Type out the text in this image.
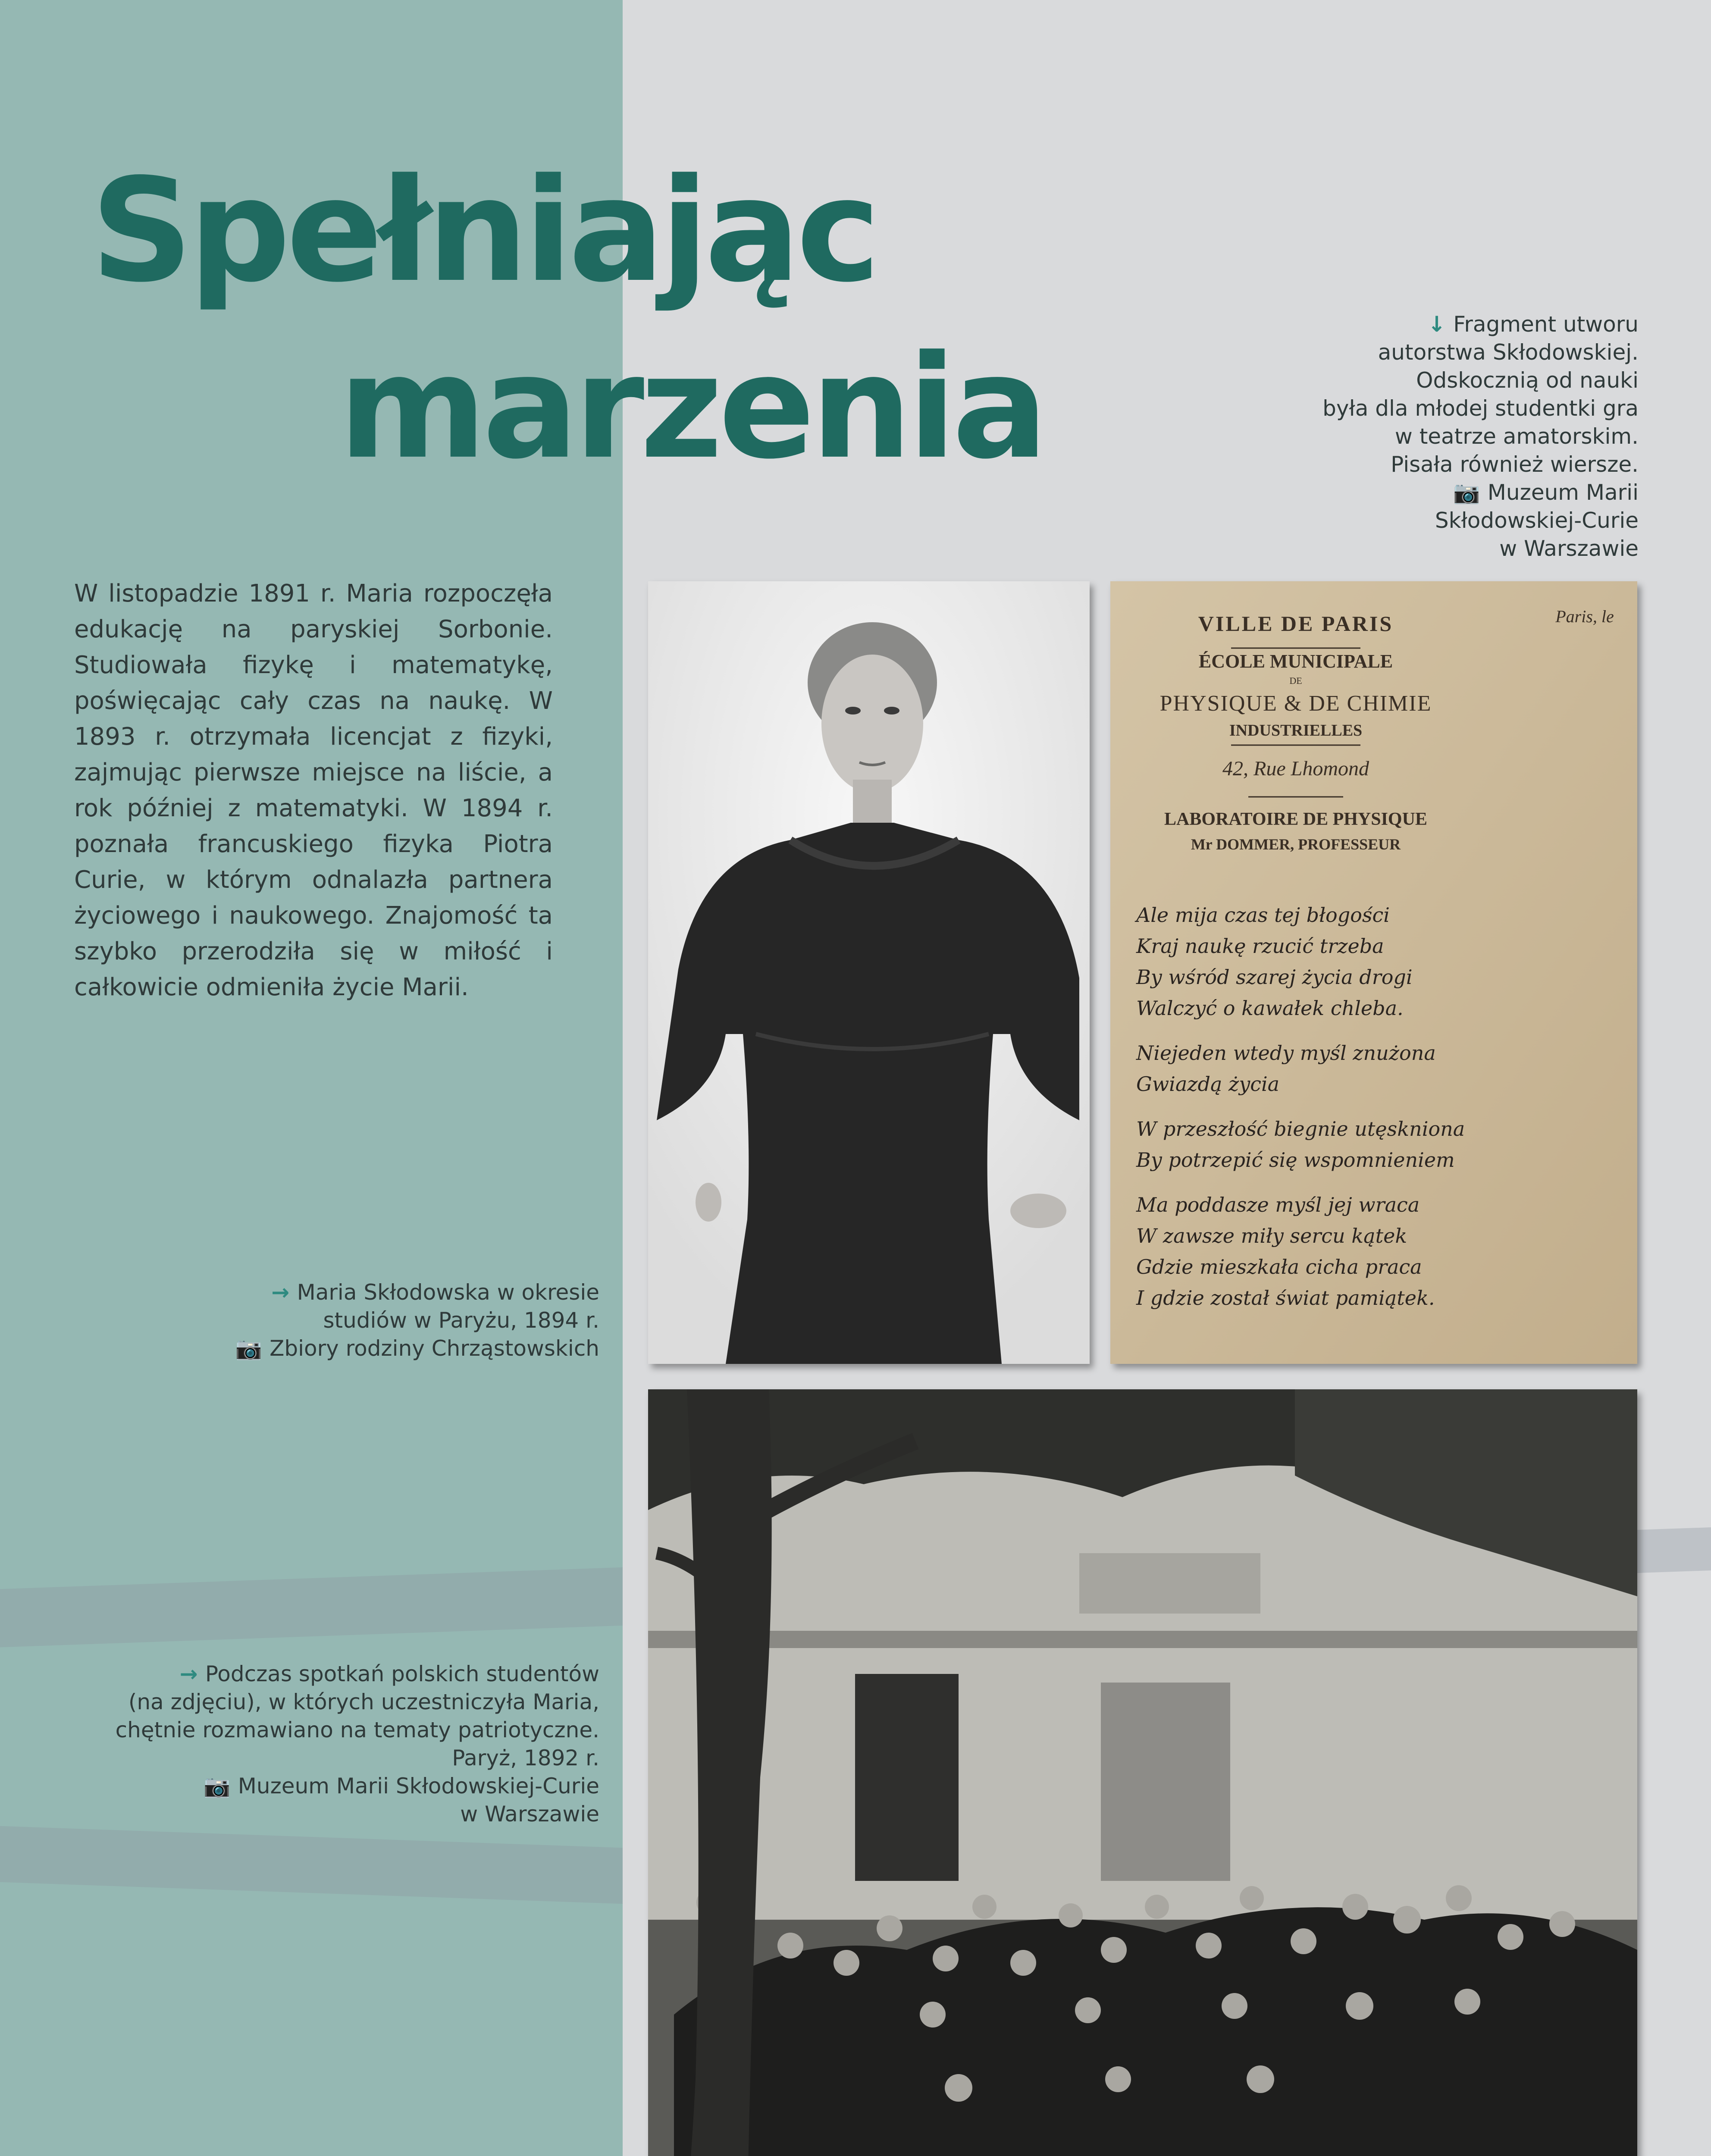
Spełniając
marzenia

W listopadzie 1891 r. Maria rozpoczęła edukację na paryskiej Sorbonie. Studiowała fizykę i matematykę, poświęcając cały czas na naukę. W 1893 r. otrzymała licencjat z fizyki, zajmując pierwsze miejsce na liście, a rok później z matematyki. W 1894 r. poznała francuskiego fizyka Piotra Curie, w którym odnalazła partnera życiowego i naukowego. Znajomość ta szybko przerodziła się w miłość i całkowicie odmieniła życie Marii.

↓ Fragment utworu
autorstwa Skłodowskiej.
Odskocznią od nauki
była dla młodej studentki gra
w teatrze amatorskim.
Pisała również wiersze.
📷 Muzeum Marii
Skłodowskiej-Curie
w Warszawie
→ Maria Skłodowska w okresie
studiów w Paryżu, 1894 r.
📷 Zbiory rodziny Chrząstowskich
→ Podczas spotkań polskich studentów
(na zdjęciu), w których uczestniczyła Maria,
chętnie rozmawiano na tematy patriotyczne.
Paryż, 1892 r.
📷 Muzeum Marii Skłodowskiej-Curie
w Warszawie
VILLE DE PARIS
ÉCOLE MUNICIPALE
DE
PHYSIQUE & DE CHIMIE
INDUSTRIELLES
42, Rue Lhomond
LABORATOIRE DE PHYSIQUE
Mr DOMMER, PROFESSEUR
Paris, le
Ale mija czas tej błogości
Kraj naukę rzucić trzeba
By wśród szarej życia drogi
Walczyć o kawałek chleba.
Niejeden wtedy myśl znużona
Gwiazdą życia
W przeszłość biegnie utęskniona
By potrzepić się wspomnieniem
Ma poddasze myśl jej wraca
W zawsze miły sercu kątek
Gdzie mieszkała cicha praca
I gdzie został świat pamiątek.
